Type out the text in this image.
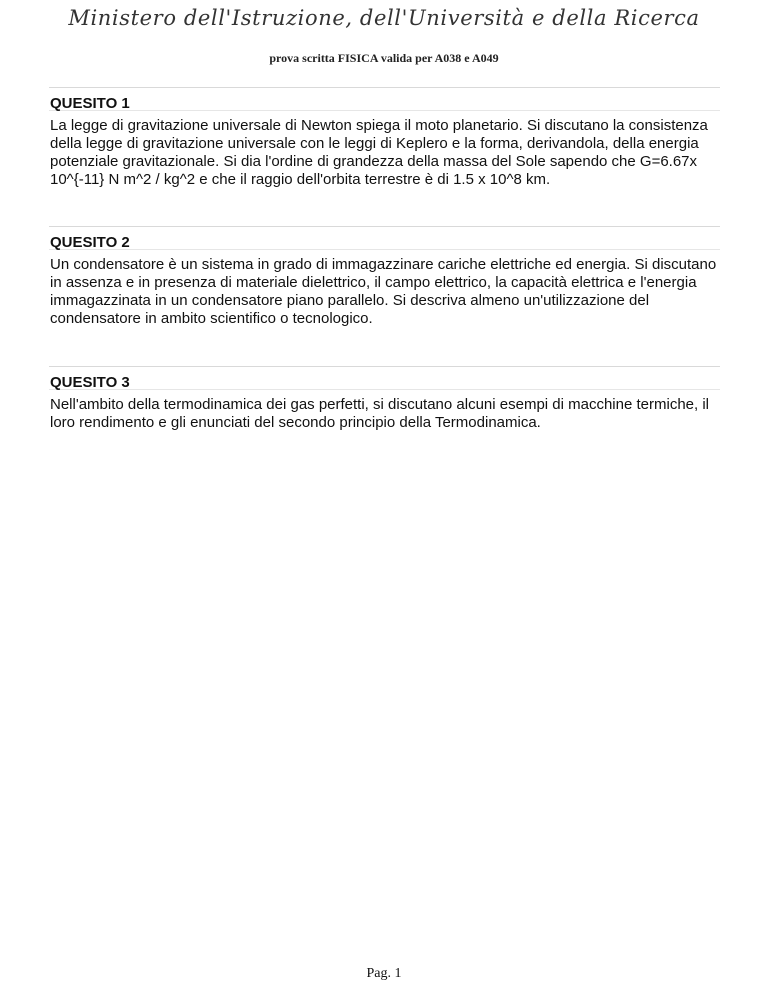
Ministero dell'Istruzione, dell'Università e della Ricerca
prova scritta FISICA valida per A038 e A049
QUESITO 1
La legge di gravitazione universale di Newton spiega il moto planetario. Si discutano la consistenza della legge di gravitazione universale con le leggi di Keplero e la forma, derivandola, della energia potenziale gravitazionale. Si dia l'ordine di grandezza della massa del Sole sapendo che G=6.67x 10^{-11} N m^2 / kg^2 e che il raggio dell'orbita terrestre è di 1.5 x 10^8 km.
QUESITO 2
Un condensatore è un sistema in grado di immagazzinare cariche elettriche ed energia. Si discutano in assenza e in presenza di materiale dielettrico, il campo elettrico, la capacità elettrica e l'energia immagazzinata in un condensatore piano parallelo. Si descriva almeno un'utilizzazione del condensatore in ambito scientifico o tecnologico.
QUESITO 3
Nell'ambito della termodinamica dei gas perfetti, si discutano alcuni esempi di macchine termiche, il loro rendimento e gli enunciati del secondo principio della Termodinamica.
Pag. 1
